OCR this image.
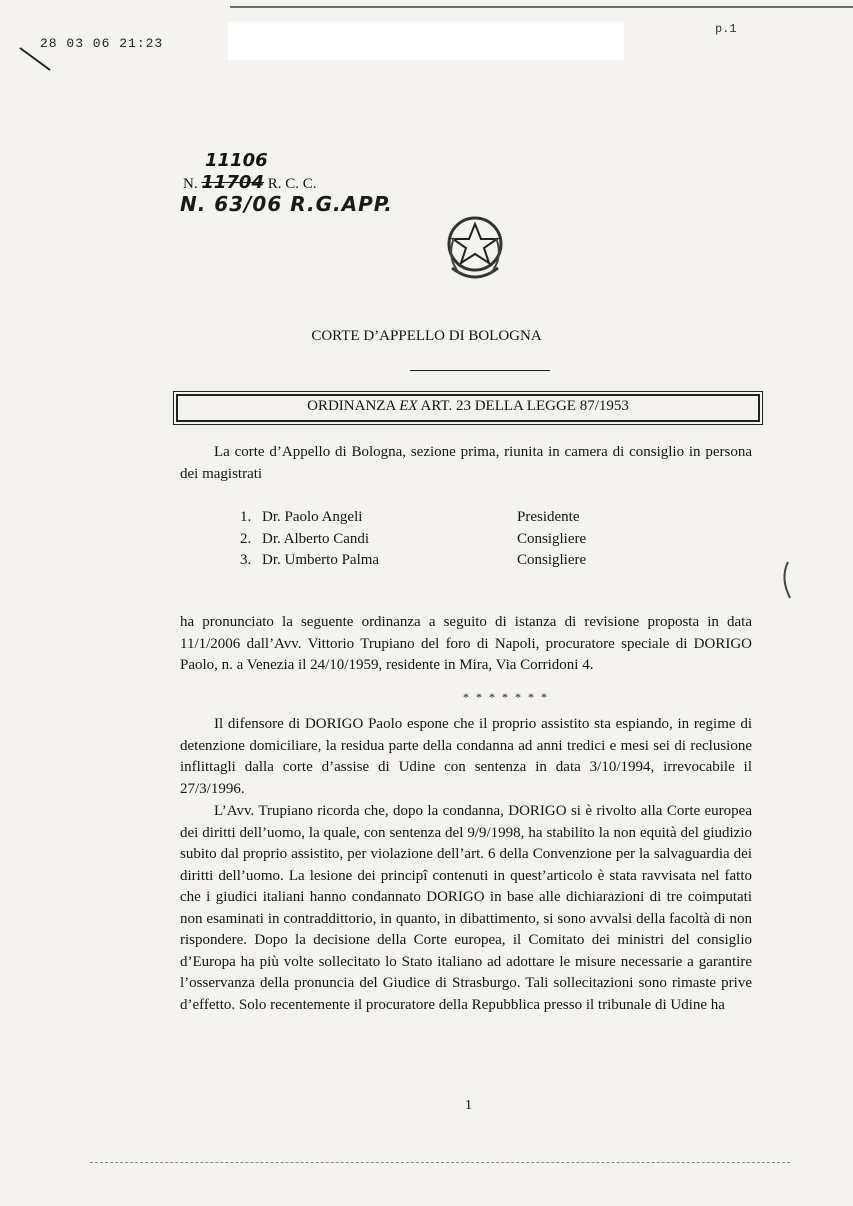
28 03 06 21:23
p.1
11106
N. 11704 R. C. C.
N. 63/06 R.G.APP.
CORTE D’APPELLO DI BOLOGNA
ORDINANZA EX ART. 23 DELLA LEGGE 87/1953

La corte d’Appello di Bologna, sezione prima, riunita in camera di consiglio in persona dei magistrati

1. Dr. Paolo Angeli	Presidente
2. Dr. Alberto Candi	Consigliere
3. Dr. Umberto Palma	Consigliere

ha pronunciato la seguente ordinanza a seguito di istanza di revisione proposta in data 11/1/2006 dall’Avv. Vittorio Trupiano del foro di Napoli, procuratore speciale di DORIGO Paolo, n. a Venezia il 24/10/1959, residente in Mira, Via Corridoni 4.

* * * * * * *

Il difensore di DORIGO Paolo espone che il proprio assistito sta espiando, in regime di detenzione domiciliare, la residua parte della condanna ad anni tredici e mesi sei di reclusione inflittagli dalla corte d’assise di Udine con sentenza in data 3/10/1994, irrevocabile il 27/3/1996.

L’Avv. Trupiano ricorda che, dopo la condanna, DORIGO si è rivolto alla Corte europea dei diritti dell’uomo, la quale, con sentenza del 9/9/1998, ha stabilito la non equità del giudizio subito dal proprio assistito, per violazione dell’art. 6 della Convenzione per la salvaguardia dei diritti dell’uomo. La lesione dei principî contenuti in quest’articolo è stata ravvisata nel fatto che i giudici italiani hanno condannato DORIGO in base alle dichiarazioni di tre coimputati non esaminati in contraddittorio, in quanto, in dibattimento, si sono avvalsi della facoltà di non rispondere. Dopo la decisione della Corte europea, il Comitato dei ministri del consiglio d’Europa ha più volte sollecitato lo Stato italiano ad adottare le misure necessarie a garantire l’osservanza della pronuncia del Giudice di Strasburgo. Tali sollecitazioni sono rimaste prive d’effetto. Solo recentemente il procuratore della Repubblica presso il tribunale di Udine ha

1
